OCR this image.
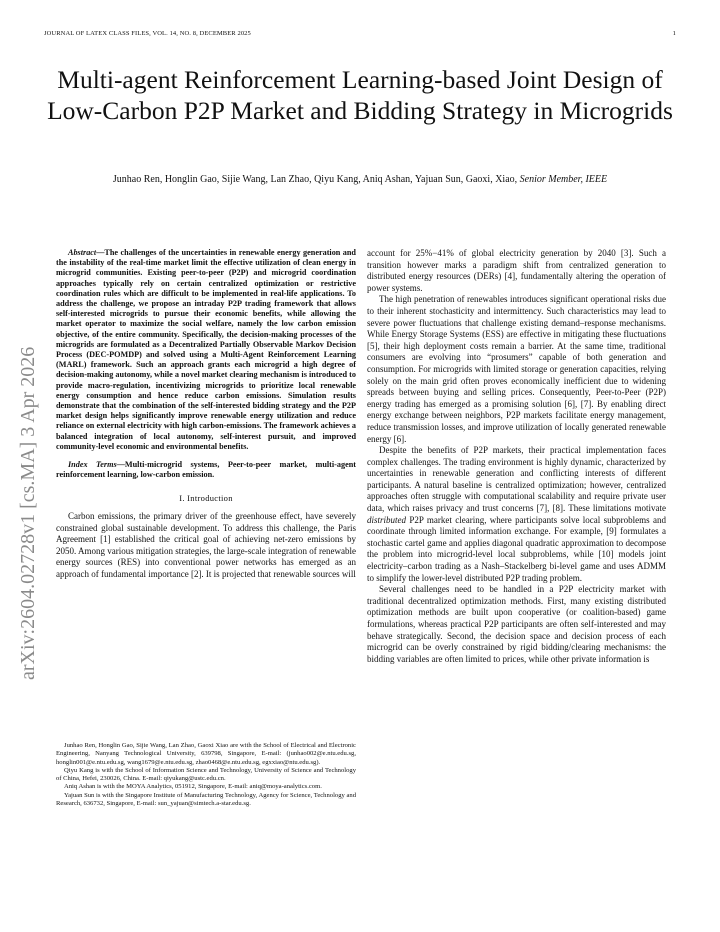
JOURNAL OF LATEX CLASS FILES, VOL. 14, NO. 8, DECEMBER 2025	1
Multi-agent Reinforcement Learning-based Joint Design of Low-Carbon P2P Market and Bidding Strategy in Microgrids
Junhao Ren, Honglin Gao, Sijie Wang, Lan Zhao, Qiyu Kang, Aniq Ashan, Yajuan Sun, Gaoxi, Xiao, Senior Member, IEEE
arXiv:2604.02728v1 [cs.MA] 3 Apr 2026

Abstract—The challenges of the uncertainties in renewable energy generation and the instability of the real-time market limit the effective utilization of clean energy in microgrid communities. Existing peer-to-peer (P2P) and microgrid coordination approaches typically rely on certain centralized optimization or restrictive coordination rules which are difficult to be implemented in real-life applications. To address the challenge, we propose an intraday P2P trading framework that allows self-interested microgrids to pursue their economic benefits, while allowing the market operator to maximize the social welfare, namely the low carbon emission objective, of the entire community. Specifically, the decision-making processes of the microgrids are formulated as a Decentralized Partially Observable Markov Decision Process (DEC-POMDP) and solved using a Multi-Agent Reinforcement Learning (MARL) framework. Such an approach grants each microgrid a high degree of decision-making autonomy, while a novel market clearing mechanism is introduced to provide macro-regulation, incentivizing microgrids to prioritize local renewable energy consumption and hence reduce carbon emissions. Simulation results demonstrate that the combination of the self-interested bidding strategy and the P2P market design helps significantly improve renewable energy utilization and reduce reliance on external electricity with high carbon-emissions. The framework achieves a balanced integration of local autonomy, self-interest pursuit, and improved community-level economic and environmental benefits.

Index Terms—Multi-microgrid systems, Peer-to-peer market, multi-agent reinforcement learning, low-carbon emission.

I. Introduction

Carbon emissions, the primary driver of the greenhouse effect, have severely constrained global sustainable development. To address this challenge, the Paris Agreement [1] established the critical goal of achieving net-zero emissions by 2050. Among various mitigation strategies, the large-scale integration of renewable energy sources (RES) into conventional power networks has emerged as an approach of fundamental importance [2]. It is projected that renewable sources will

Junhao Ren, Honglin Gao, Sijie Wang, Lan Zhao, Gaoxi Xiao are with the School of Electrical and Electronic Engineering, Nanyang Technological University, 639798, Singapore, E-mail: (junhao002@e.ntu.edu.sg, honglin001@e.ntu.edu.sg, wang1679@e.ntu.edu.sg, zhao0468@e.ntu.edu.sg, egxxiao@ntu.edu.sg).

Qiyu Kang is with the School of Information Science and Technology, University of Science and Technology of China, Hefei, 230026, China. E-mail: qiyukang@ustc.edu.cn.

Aniq Ashan is with the MOYA Analytics, 051912, Singapore, E-mail: aniq@moya-analytics.com.

Yajuan Sun is with the Singapore Institute of Manufacturing Technology, Agency for Science, Technology and Research, 636732, Singapore, E-mail: sun_yajuan@simtech.a-star.edu.sg.

account for 25%−41% of global electricity generation by 2040 [3]. Such a transition however marks a paradigm shift from centralized generation to distributed energy resources (DERs) [4], fundamentally altering the operation of power systems.

The high penetration of renewables introduces significant operational risks due to their inherent stochasticity and intermittency. Such characteristics may lead to severe power fluctuations that challenge existing demand–response mechanisms. While Energy Storage Systems (ESS) are effective in mitigating these fluctuations [5], their high deployment costs remain a barrier. At the same time, traditional consumers are evolving into “prosumers” capable of both generation and consumption. For microgrids with limited storage or generation capacities, relying solely on the main grid often proves economically inefficient due to widening spreads between buying and selling prices. Consequently, Peer-to-Peer (P2P) energy trading has emerged as a promising solution [6], [7]. By enabling direct energy exchange between neighbors, P2P markets facilitate energy management, reduce transmission losses, and improve utilization of locally generated renewable energy [6].

Despite the benefits of P2P markets, their practical implementation faces complex challenges. The trading environment is highly dynamic, characterized by uncertainties in renewable generation and conflicting interests of different participants. A natural baseline is centralized optimization; however, centralized approaches often struggle with computational scalability and require private user data, which raises privacy and trust concerns [7], [8]. These limitations motivate distributed P2P market clearing, where participants solve local subproblems and coordinate through limited information exchange. For example, [9] formulates a stochastic cartel game and applies diagonal quadratic approximation to decompose the problem into microgrid-level local subproblems, while [10] models joint electricity–carbon trading as a Nash–Stackelberg bi-level game and uses ADMM to simplify the lower-level distributed P2P trading problem.

Several challenges need to be handled in a P2P electricity market with traditional decentralized optimization methods. First, many existing distributed optimization methods are built upon cooperative (or coalition-based) game formulations, whereas practical P2P participants are often self-interested and may behave strategically. Second, the decision space and decision process of each microgrid can be overly constrained by rigid bidding/clearing mechanisms: the bidding variables are often limited to prices, while other private information is
